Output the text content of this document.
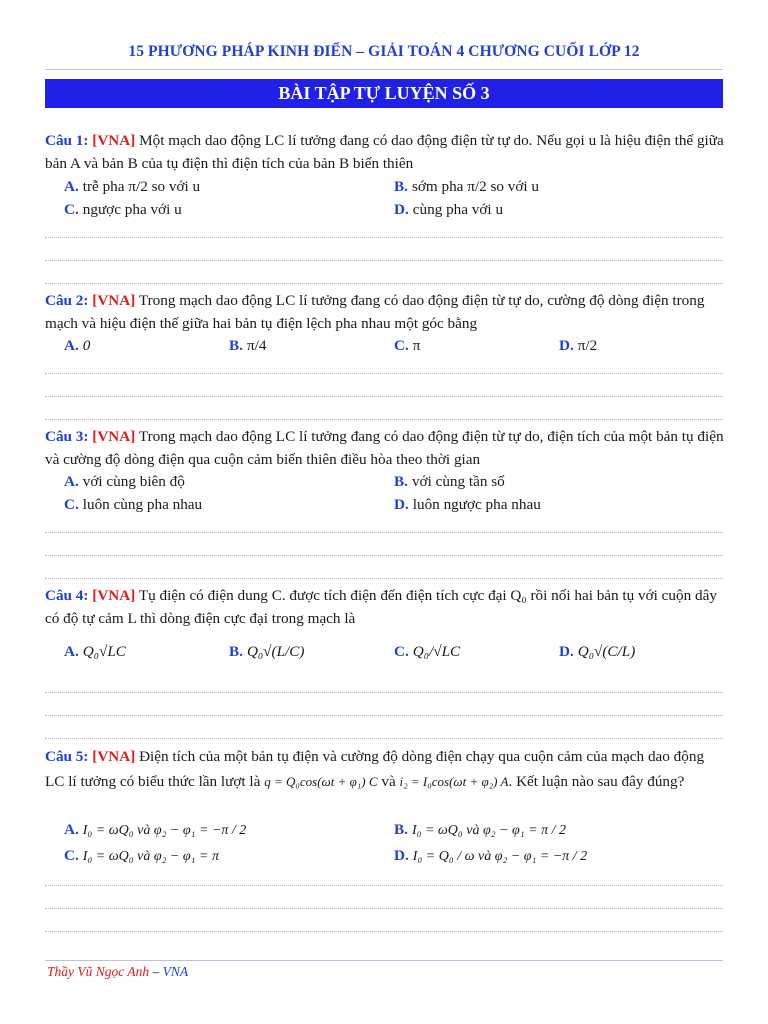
15 PHƯƠNG PHÁP KINH ĐIỂN – GIẢI TOÁN 4 CHƯƠNG CUỐI LỚP 12
BÀI TẬP TỰ LUYỆN SỐ 3
Câu 1: [VNA] Một mạch dao động LC lí tưởng đang có dao động điện từ tự do. Nếu gọi u là hiệu điện thế giữa bản A và bản B của tụ điện thì điện tích của bản B biến thiên
A. trễ pha π/2 so với u	B. sớm pha π/2 so với u
C. ngược pha với u	D. cùng pha với u
Câu 2: [VNA] Trong mạch dao động LC lí tưởng đang có dao động điện từ tự do, cường độ dòng điện trong mạch và hiệu điện thế giữa hai bản tụ điện lệch pha nhau một góc bằng
A. 0	B. π/4	C. π	D. π/2
Câu 3: [VNA] Trong mạch dao động LC lí tưởng đang có dao động điện từ tự do, điện tích của một bản tụ điện và cường độ dòng điện qua cuộn cảm biến thiên điều hòa theo thời gian
A. với cùng biên độ	B. với cùng tần số
C. luôn cùng pha nhau	D. luôn ngược pha nhau
Câu 4: [VNA] Tụ điện có điện dung C. được tích điện đến điện tích cực đại Q₀ rồi nối hai bản tụ với cuộn dây có độ tự cảm L thì dòng điện cực đại trong mạch là
A. Q₀√LC	B. Q₀√(L/C)	C. Q₀/√LC	D. Q₀√(C/L)
Câu 5: [VNA] Điện tích của một bản tụ điện và cường độ dòng điện chạy qua cuộn cảm của mạch dao động LC lí tưởng có biểu thức lần lượt là q = Q₀cos(ωt + φ₁) C và i₂ = I₀cos(ωt + φ₂) A. Kết luận nào sau đây đúng?
A. I₀ = ωQ₀ và φ₂ − φ₁ = −π / 2	B. I₀ = ωQ₀ và φ₂ − φ₁ = π / 2
C. I₀ = ωQ₀ và φ₂ − φ₁ = π	D. I₀ = Q₀ / ω và φ₂ − φ₁ = −π / 2
Thầy Vũ Ngọc Anh – VNA
